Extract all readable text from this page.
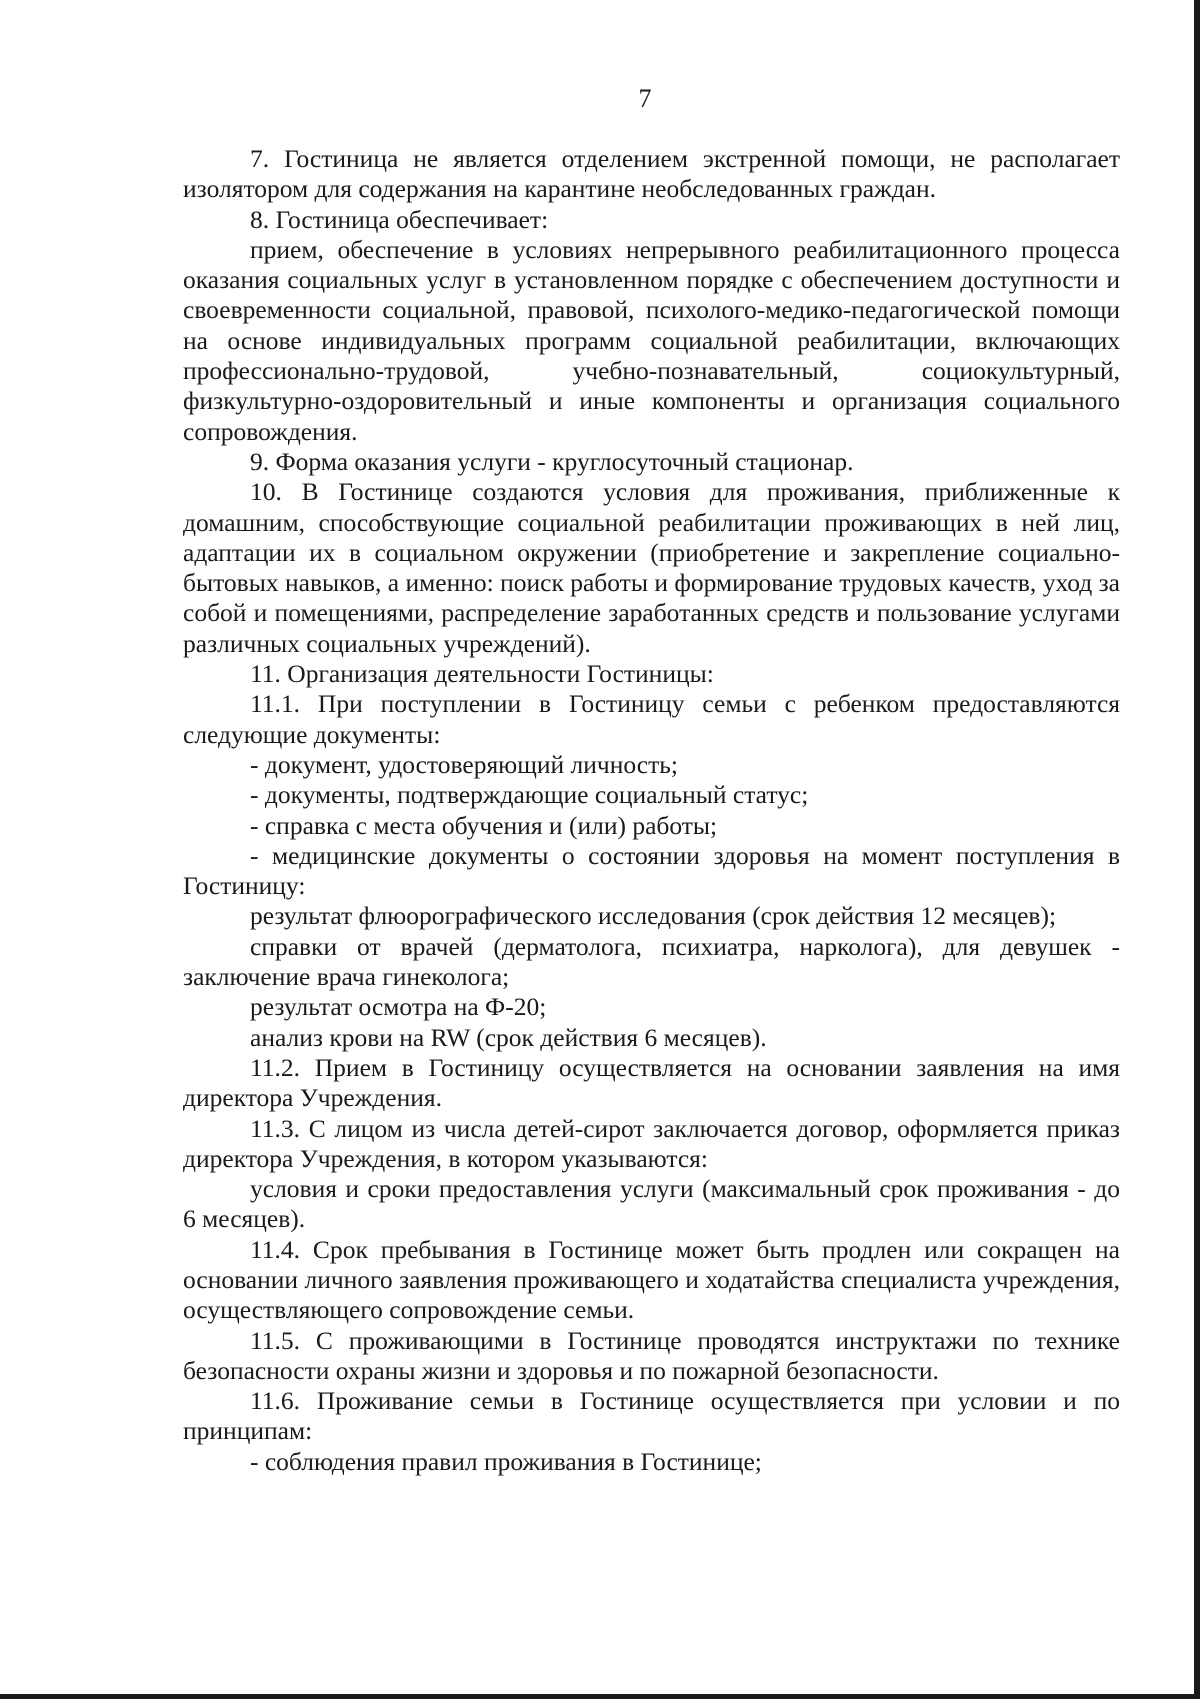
7

7. Гостиница не является отделением экстренной помощи, не располагает изолятором для содержания на карантине необследованных граждан.

8. Гостиница обеспечивает:

прием, обеспечение в условиях непрерывного реабилитационного процесса оказания социальных услуг в установленном порядке с обеспечением доступности и своевременности социальной, правовой, психолого-медико-педагогической помощи на основе индивидуальных программ социальной реабилитации, включающих профессионально-трудовой, учебно-познавательный, социокультурный, физкультурно-оздоровительный и иные компоненты и организация социального сопровождения.

9. Форма оказания услуги - круглосуточный стационар.

10. В Гостинице создаются условия для проживания, приближенные к домашним, способствующие социальной реабилитации проживающих в ней лиц, адаптации их в социальном окружении (приобретение и закрепление социально-бытовых навыков, а именно: поиск работы и формирование трудовых качеств, уход за собой и помещениями, распределение заработанных средств и пользование услугами различных социальных учреждений).

11. Организация деятельности Гостиницы:

11.1. При поступлении в Гостиницу семьи с ребенком предоставляются следующие документы:

- документ, удостоверяющий личность;

- документы, подтверждающие социальный статус;

- справка с места обучения и (или) работы;

- медицинские документы о состоянии здоровья на момент поступления в Гостиницу:

результат флюорографического исследования (срок действия 12 месяцев);

справки от врачей (дерматолога, психиатра, нарколога), для девушек - заключение врача гинеколога;

результат осмотра на Ф-20;

анализ крови на RW (срок действия 6 месяцев).

11.2. Прием в Гостиницу осуществляется на основании заявления на имя директора Учреждения.

11.3. С лицом из числа детей-сирот заключается договор, оформляется приказ директора Учреждения, в котором указываются:

условия и сроки предоставления услуги (максимальный срок проживания - до 6 месяцев).

11.4. Срок пребывания в Гостинице может быть продлен или сокращен на основании личного заявления проживающего и ходатайства специалиста учреждения, осуществляющего сопровождение семьи.

11.5. С проживающими в Гостинице проводятся инструктажи по технике безопасности охраны жизни и здоровья и по пожарной безопасности.

11.6. Проживание семьи в Гостинице осуществляется при условии и по принципам:

- соблюдения правил проживания в Гостинице;
